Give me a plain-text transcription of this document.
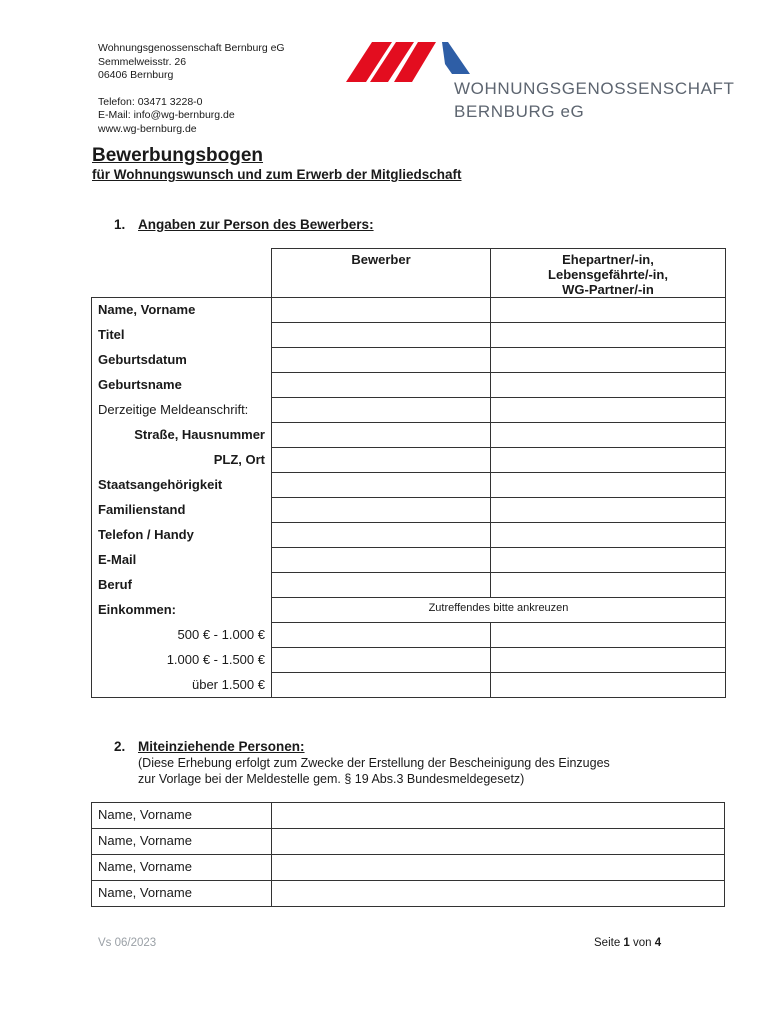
Wohnungsgenossenschaft Bernburg eG
Semmelweisstr. 26
06406 Bernburg
Telefon: 03471 3228-0
E-Mail: info@wg-bernburg.de
www.wg-bernburg.de
WOHNUNGSGENOSSENSCHAFT
BERNBURG eG
Bewerbungsbogen
für Wohnungswunsch und zum Erwerb der Mitgliedschaft
1. Angaben zur Person des Bewerbers:
	Bewerber	Ehepartner/-in,
Lebensgefährte/-in,
WG-Partner/-in

Name, Vorname		
Titel		
Geburtsdatum		
Geburtsname		
Derzeitige Meldeanschrift:		
Straße, Hausnummer		
PLZ, Ort		
Staatsangehörigkeit		
Familienstand		
Telefon / Handy		
E-Mail		
Beruf		
Einkommen:	Zutreffendes bitte ankreuzen	
500 € - 1.000 €		
1.000 € - 1.500 €		
über 1.500 €		
2. Miteinziehende Personen:
(Diese Erhebung erfolgt zum Zwecke der Erstellung der Bescheinigung des Einzuges
zur Vorlage bei der Meldestelle gem. § 19 Abs.3 Bundesmeldegesetz)
Name, Vorname	
Name, Vorname	
Name, Vorname	
Name, Vorname	
Vs 06/2023	Seite 1 von 4
